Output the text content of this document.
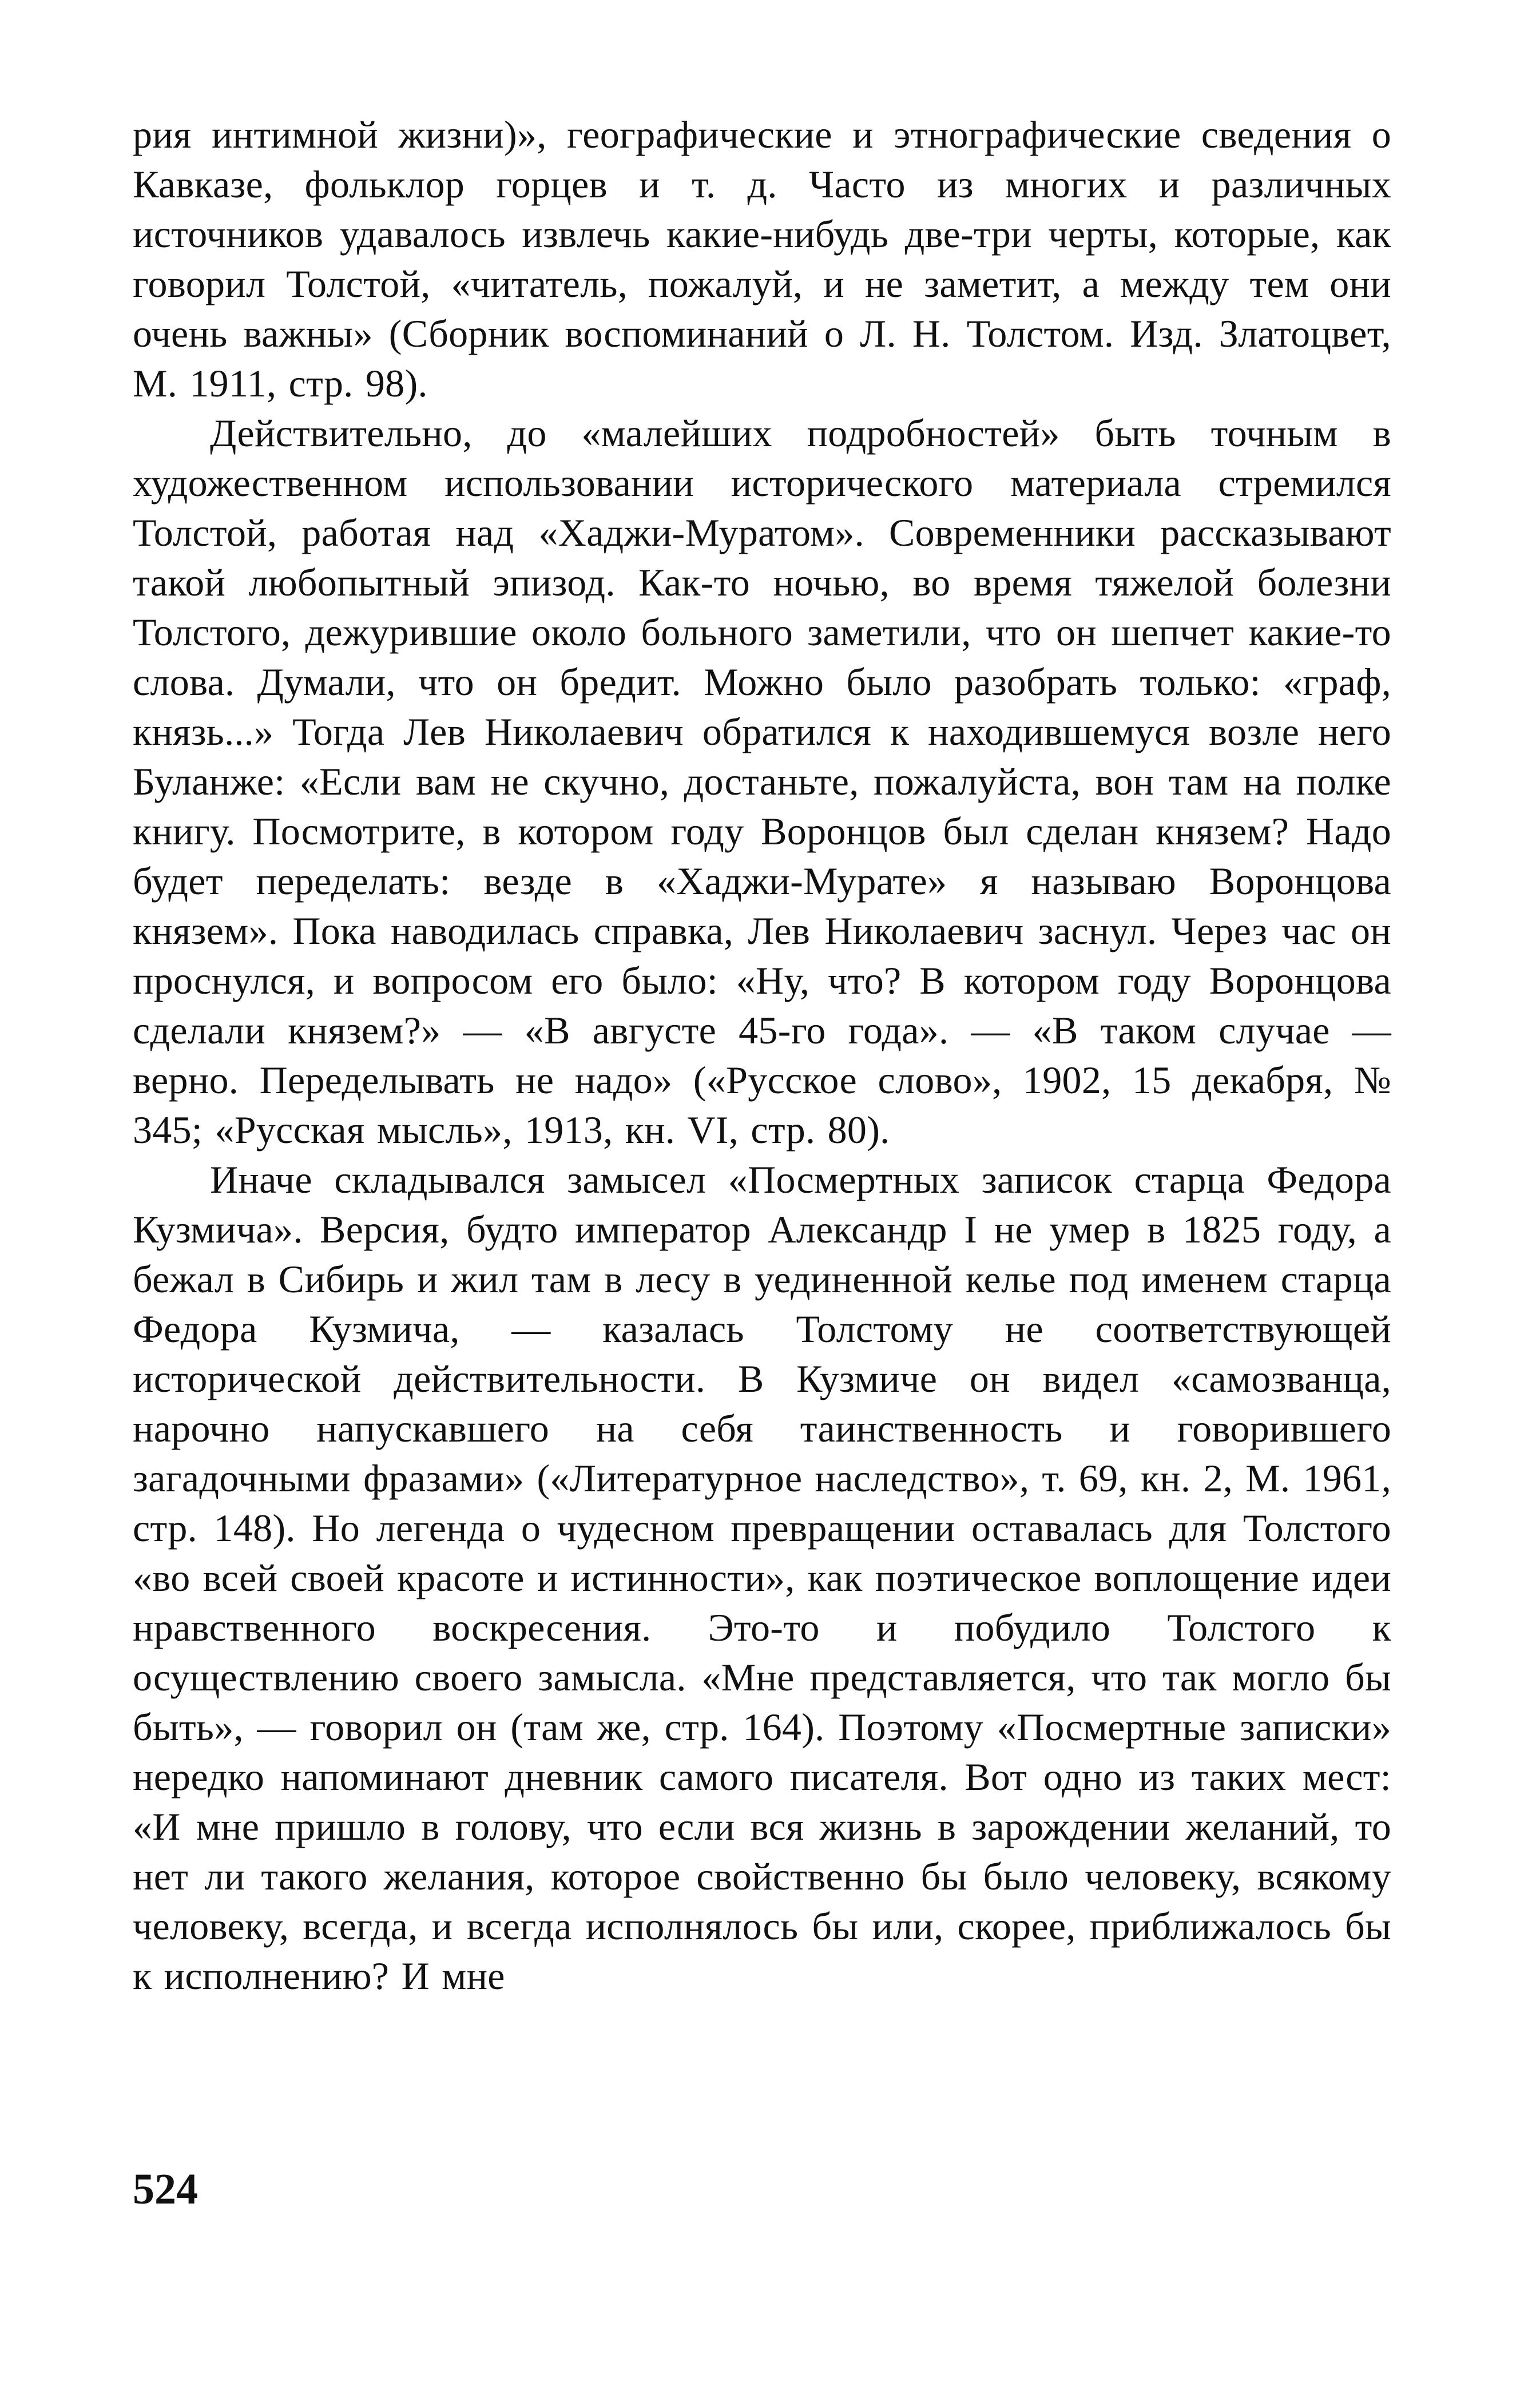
рия интимной жизни)», географические и этнографические сведения о Кавказе, фольклор горцев и т. д. Часто из многих и различных источников удавалось извлечь какие-нибудь две-три черты, которые, как говорил Толстой, «читатель, пожалуй, и не заметит, а между тем они очень важны» (Сборник воспоминаний о Л. Н. Толстом. Изд. Златоцвет, М. 1911, стр. 98).

Действительно, до «малейших подробностей» быть точным в художественном использовании исторического материала стремился Толстой, работая над «Хаджи-Муратом». Современники рассказывают такой любопытный эпизод. Как-то ночью, во время тяжелой болезни Толстого, дежурившие около больного заметили, что он шепчет какие-то слова. Думали, что он бредит. Можно было разобрать только: «граф, князь...» Тогда Лев Николаевич обратился к находившемуся возле него Буланже: «Если вам не скучно, достаньте, пожалуйста, вон там на полке книгу. Посмотрите, в котором году Воронцов был сделан князем? Надо будет переделать: везде в «Хаджи-Мурате» я называю Воронцова князем». Пока наводилась справка, Лев Николаевич заснул. Через час он проснулся, и вопросом его было: «Ну, что? В котором году Воронцова сделали князем?» — «В августе 45-го года». — «В таком случае — верно. Переделывать не надо» («Русское слово», 1902, 15 декабря, № 345; «Русская мысль», 1913, кн. VI, стр. 80).

Иначе складывался замысел «Посмертных записок старца Федора Кузмича». Версия, будто император Александр I не умер в 1825 году, а бежал в Сибирь и жил там в лесу в уединенной келье под именем старца Федора Кузмича, — казалась Толстому не соответствующей исторической действительности. В Кузмиче он видел «самозванца, нарочно напускавшего на себя таинственность и говорившего загадочными фразами» («Литературное наследство», т. 69, кн. 2, М. 1961, стр. 148). Но легенда о чудесном превращении оставалась для Толстого «во всей своей красоте и истинности», как поэтическое воплощение идеи нравственного воскресения. Это-то и побудило Толстого к осуществлению своего замысла. «Мне представляется, что так могло бы быть», — говорил он (там же, стр. 164). Поэтому «Посмертные записки» нередко напоминают дневник самого писателя. Вот одно из таких мест: «И мне пришло в голову, что если вся жизнь в зарождении желаний, то нет ли такого желания, которое свойственно бы было человеку, всякому человеку, всегда, и всегда исполнялось бы или, скорее, приближалось бы к исполнению? И мне

524
